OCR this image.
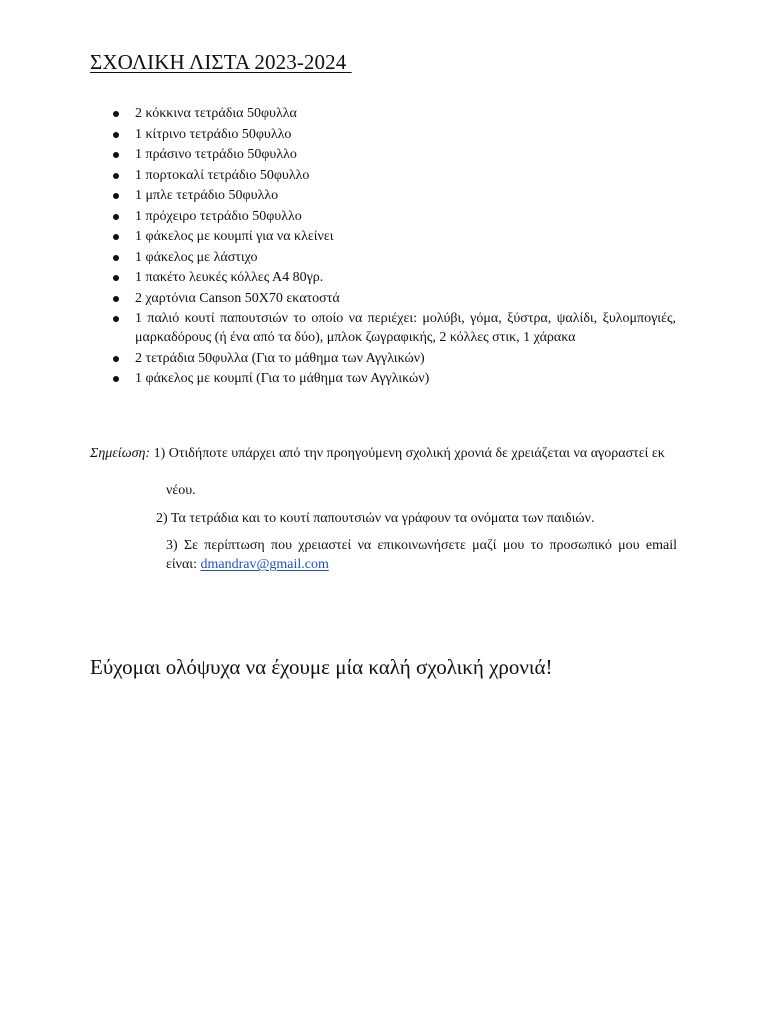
ΣΧΟΛΙΚΗ ΛΙΣΤΑ 2023-2024
2 κόκκινα τετράδια 50φυλλα
1 κίτρινο τετράδιο 50φυλλο
1 πράσινο τετράδιο 50φυλλο
1 πορτοκαλί τετράδιο 50φυλλο
1 μπλε τετράδιο 50φυλλο
1 πρόχειρο τετράδιο 50φυλλο
1 φάκελος με κουμπί για να κλείνει
1 φάκελος με λάστιχο
1 πακέτο λευκές κόλλες Α4 80γρ.
2 χαρτόνια Canson 50X70 εκατοστά
1 παλιό κουτί παπουτσιών το οποίο να περιέχει: μολύβι, γόμα, ξύστρα, ψαλίδι, ξυλομπογιές, μαρκαδόρους (ή ένα από τα δύο), μπλοκ ζωγραφικής, 2 κόλλες στικ, 1 χάρακα
2 τετράδια 50φυλλα (Για το μάθημα των Αγγλικών)
1 φάκελος με κουμπί (Για το μάθημα των Αγγλικών)
Σημείωση: 1) Οτιδήποτε υπάρχει από την προηγούμενη σχολική χρονιά δε χρειάζεται να αγοραστεί εκ
νέου.
2) Τα τετράδια και το κουτί παπουτσιών να γράφουν τα ονόματα των παιδιών.
3) Σε περίπτωση που χρειαστεί να επικοινωνήσετε μαζί μου το προσωπικό μου email είναι: dmandrav@gmail.com
Εύχομαι ολόψυχα να έχουμε μία καλή σχολική χρονιά!
